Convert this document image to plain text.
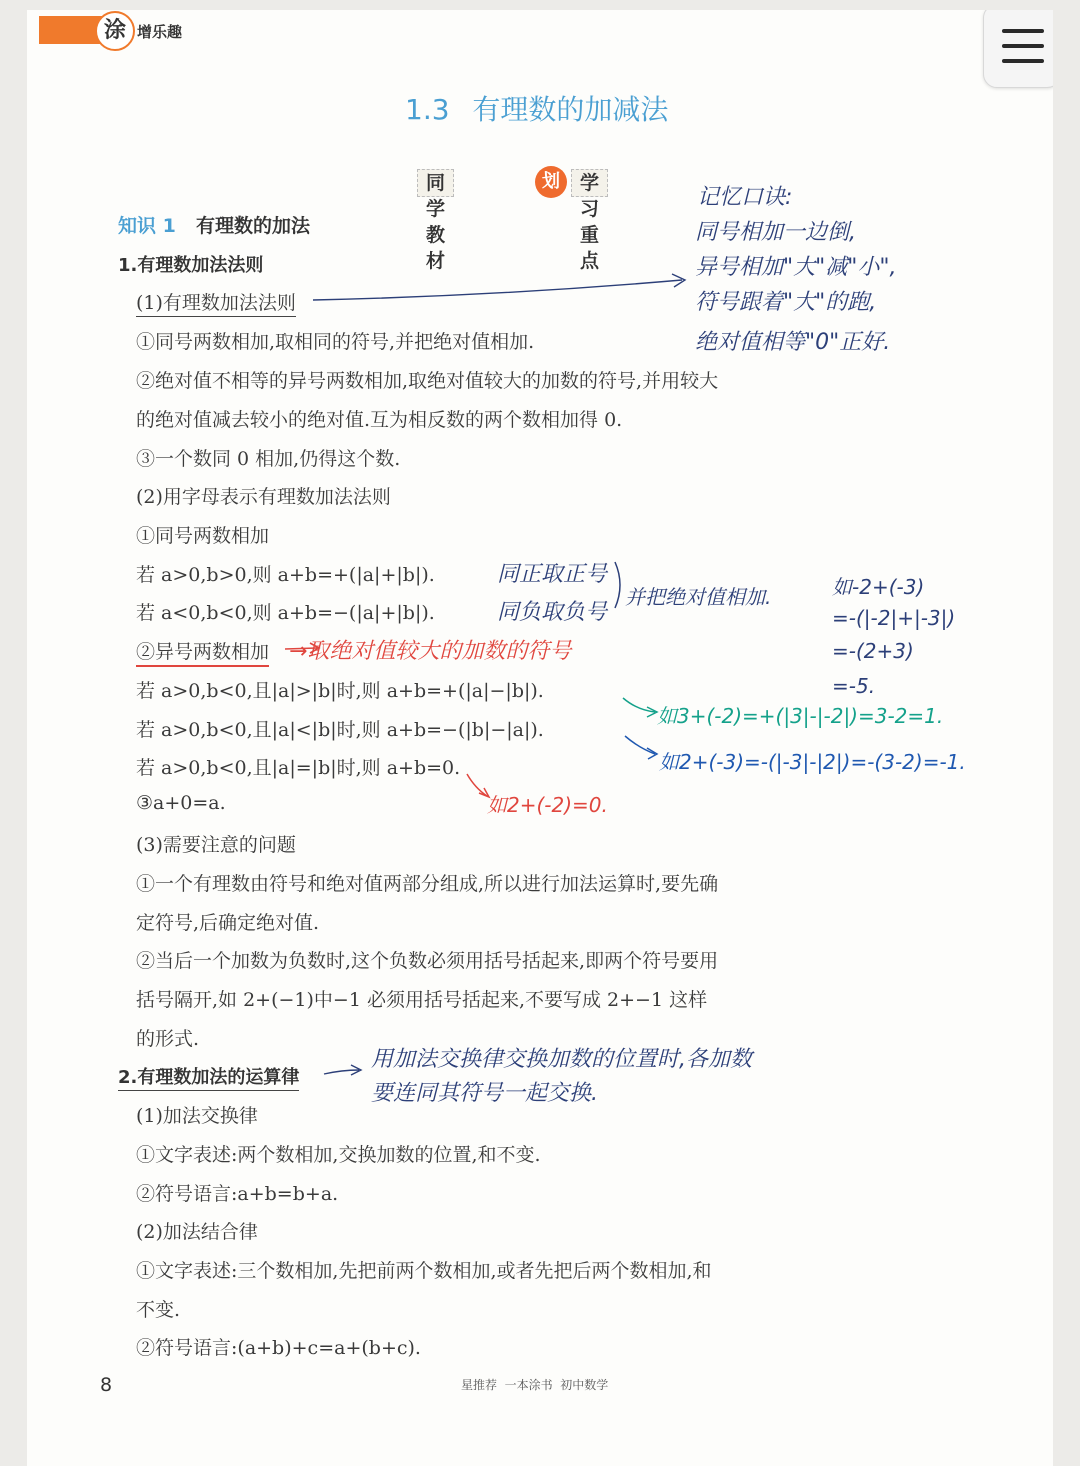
涂 增乐趣
1.3 有理数的加减法
同学教材
划	学习重点
知识 1 有理数的加法
1.有理数加法法则
(1)有理数加法法则
①同号两数相加,取相同的符号,并把绝对值相加.
②绝对值不相等的异号两数相加,取绝对值较大的加数的符号,并用较大
的绝对值减去较小的绝对值.互为相反数的两个数相加得 0.
③一个数同 0 相加,仍得这个数.
(2)用字母表示有理数加法法则
①同号两数相加
若 a>0,b>0,则 a+b=+(|a|+|b|).
若 a<0,b<0,则 a+b=−(|a|+|b|).
②异号两数相加
若 a>0,b<0,且|a|>|b|时,则 a+b=+(|a|−|b|).
若 a>0,b<0,且|a|<|b|时,则 a+b=−(|b|−|a|).
若 a>0,b<0,且|a|=|b|时,则 a+b=0.
③a+0=a.
(3)需要注意的问题
①一个有理数由符号和绝对值两部分组成,所以进行加法运算时,要先确
定符号,后确定绝对值.
②当后一个加数为负数时,这个负数必须用括号括起来,即两个符号要用
括号隔开,如 2+(−1)中−1 必须用括号括起来,不要写成 2+−1 这样
的形式.
2.有理数加法的运算律
(1)加法交换律
①文字表述:两个数相加,交换加数的位置,和不变.
②符号语言:a+b=b+a.
(2)加法结合律
①文字表述:三个数相加,先把前两个数相加,或者先把后两个数相加,和
不变.
②符号语言:(a+b)+c=a+(b+c).
记忆口诀:
同号相加一边倒,
异号相加"大"减"小",
符号跟着"大"的跑,
绝对值相等"0"正好.
同正取正号
同负取负号
并把绝对值相加.	如-2+(-3)
=-(|-2|+|-3|)
=-(2+3)
=-5.
→取绝对值较大的加数的符号
如3+(-2)=+(|3|-|-2|)=3-2=1.
如2+(-3)=-(|-3|-|2|)=-(3-2)=-1.
如2+(-2)=0.
用加法交换律交换加数的位置时,各加数
要连同其符号一起交换.
8	星推荐  一本涂书  初中数学
